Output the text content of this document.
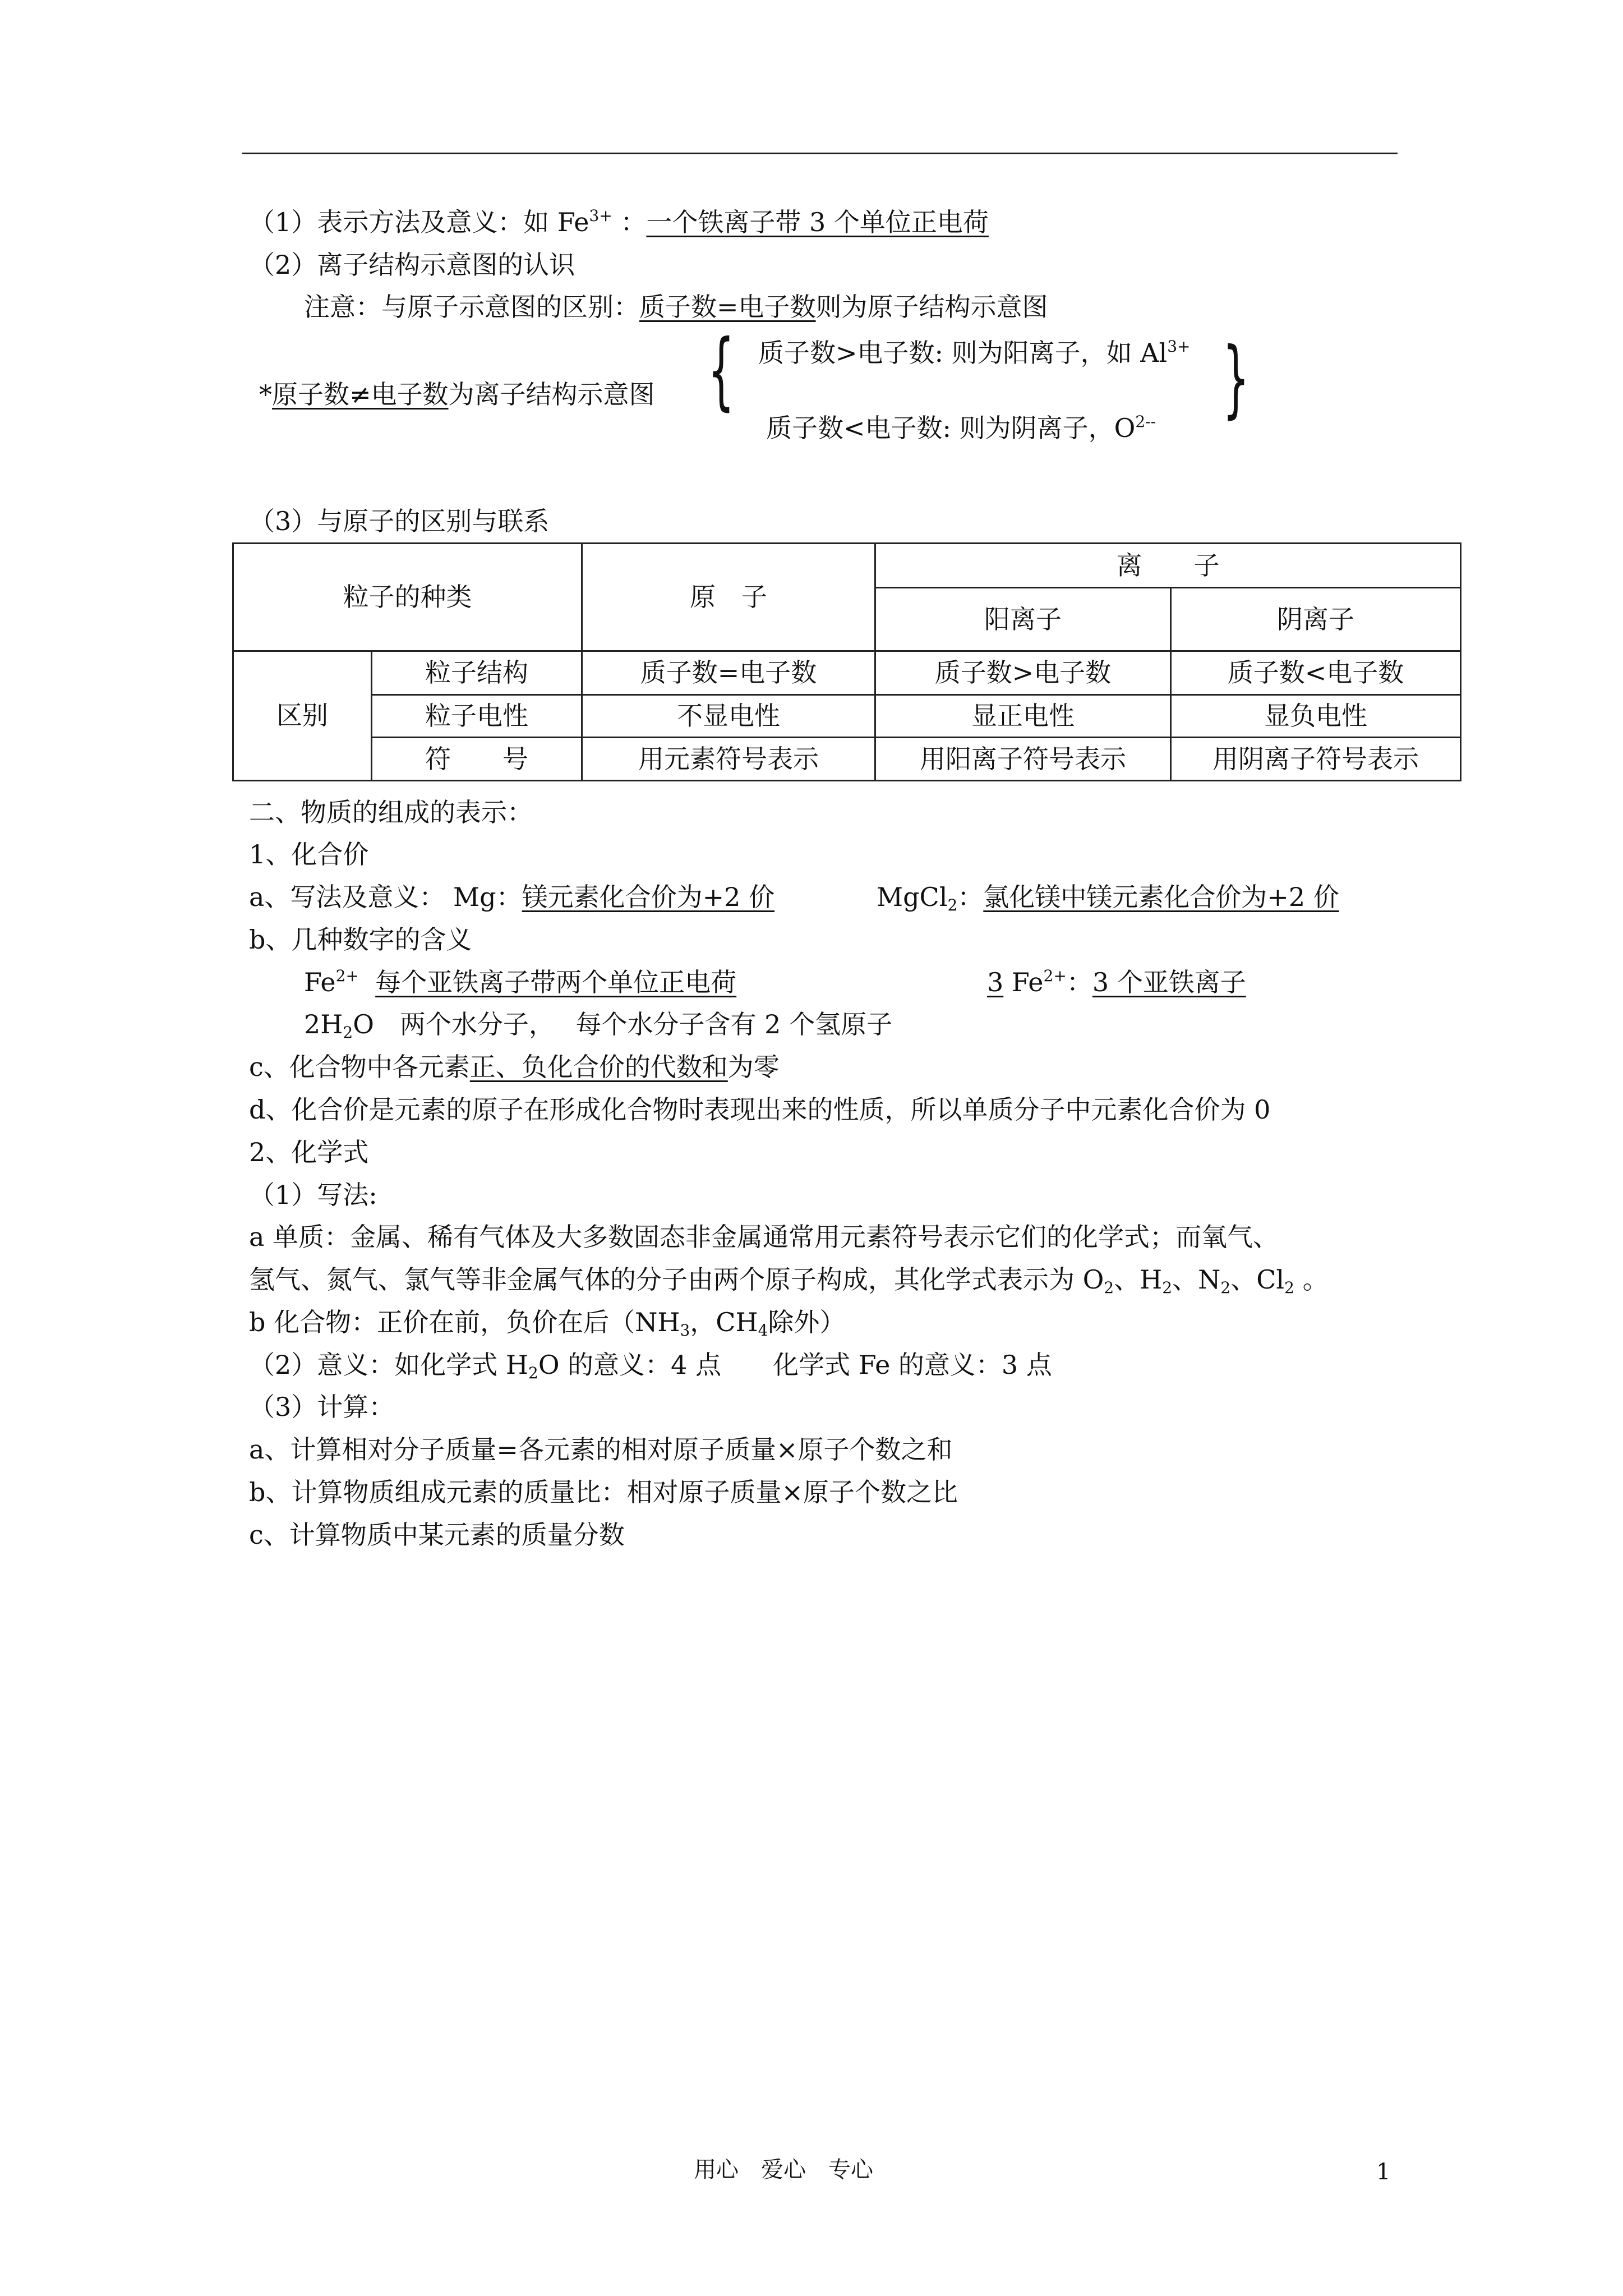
（1）表示方法及意义：如 $Fe^{3+}$ ：一个铁离子带 3 个单位正电荷
（2）离子结构示意图的认识
注意：与原子示意图的区别：质子数=电子数则为原子结构示意图
*原子数≠电子数为离子结构示意图 { 质子数>电子数: 则为阳离子，如 $Al^{3+}$
质子数<电子数: 则为阴离子，$O^{2--}$ }
（3）与原子的区别与联系
粒子的种类		原　子	离　　子	
			阳离子	阴离子
区别	粒子结构	质子数=电子数	质子数>电子数	质子数<电子数
	粒子电性	不显电性	显正电性	显负电性
	符　　号	用元素符号表示	用阳离子符号表示	用阴离子符号表示
二、物质的组成的表示：
1、化合价
a、写法及意义： Mg：镁元素化合价为+2 价	MgCl$_2$：氯化镁中镁元素化合价为+2 价
b、几种数字的含义
$Fe^{2+}$ 每个亚铁离子带两个单位正电荷	3 $Fe^{2+}$：3 个亚铁离子
$2H_2O$　两个水分子，　 每个水分子含有 2 个氢原子
c、化合物中各元素正、负化合价的代数和为零
d、化合价是元素的原子在形成化合物时表现出来的性质，所以单质分子中元素化合价为 0
2、化学式
（1）写法:
a 单质：金属、稀有气体及大多数固态非金属通常用元素符号表示它们的化学式；而氧气、
氢气、氮气、氯气等非金属气体的分子由两个原子构成，其化学式表示为 $O_2$、$H_2$、$N_2$、$Cl_2$ 。
b 化合物：正价在前，负价在后（$NH_3$，$CH_4$除外）
（2）意义：如化学式 $H_2O$ 的意义：4 点　　化学式 Fe 的意义：3 点
（3）计算：
a、计算相对分子质量=各元素的相对原子质量×原子个数之和
b、计算物质组成元素的质量比：相对原子质量×原子个数之比
c、计算物质中某元素的质量分数
用心　爱心　专心	1
